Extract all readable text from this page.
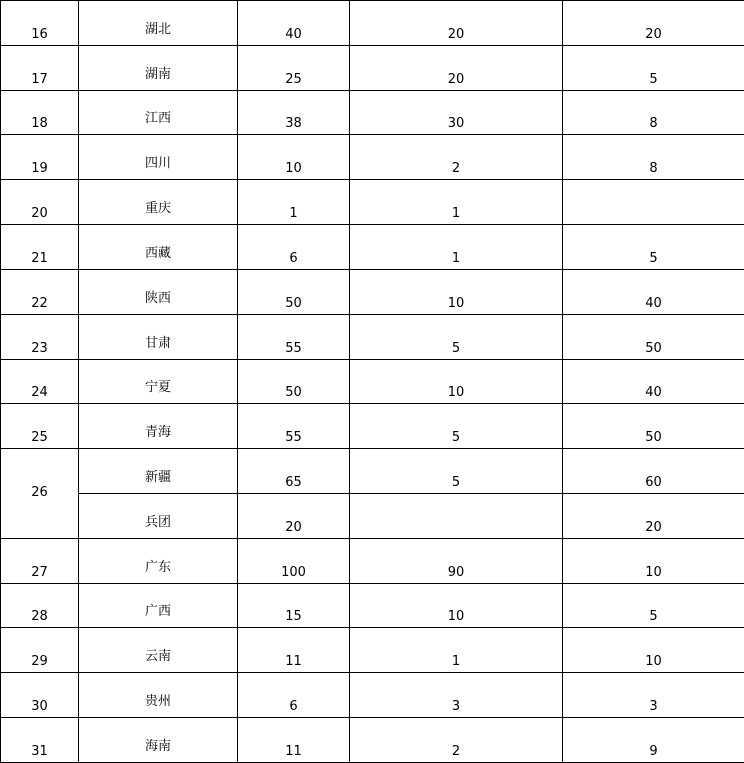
16	湖北	40	20	20

17	湖南	25	20	5

18	江西	38	30	8

19	四川	10	2	8

20	重庆	1	1	

21	西藏	6	1	5

22	陕西	50	10	40

23	甘肃	55	5	50

24	宁夏	50	10	40

25	青海	55	5	50

26	新疆	65	5	60

	兵团	20		20

27	广东	100	90	10

28	广西	15	10	5

29	云南	11	1	10

30	贵州	6	3	3

31	海南	11	2	9
